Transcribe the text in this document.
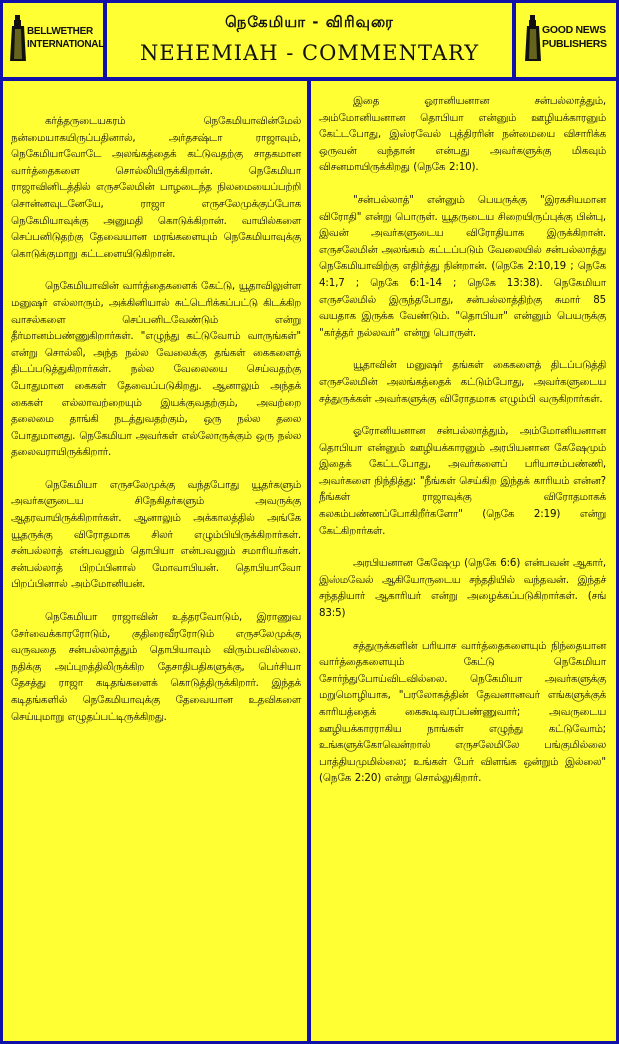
BELLWETHER
INTERNATIONAL
நெகேமியா - விரிவுரை
NEHEMIAH - COMMENTARY
GOOD NEWS
PUBLISHERS

கர்த்தருடையகரம் நெகேமியாவின்மேல் நன்மையாகயிருப்பதினால், அர்தசஷ்டா ராஜாவும், நெகேமியாவோடே அலங்கத்தைக் கட்டுவதற்கு சாதகமான வார்த்தைகளை சொல்லியிருக்கிறான். நெகேமியா ராஜாவினிடத்தில் எருசலேமின் பாழடைந்த நிலமையைப்பற்றி சொன்னவுடனேயே, ராஜா எருசலேமுக்குப்போக நெகேமியாவுக்கு அனுமதி கொடுக்கிறான். வாயில்களை செப்பனிடுதற்கு தேவையான மரங்களையும் நெகேமியாவுக்கு கொடுக்குமாறு கட்டளையிடுகிறான்.

நெகேமியாவின் வார்த்தைகளைக் கேட்டு, யூதாவிலுள்ள மனுஷர் எல்லாரும், அக்கினியால் சுட்டெரிக்கப்பட்டு கிடக்கிற வாசல்களை செப்பனிடவேண்டும் என்று தீர்மானம்பண்ணுகிறார்கள். "எழுந்து கட்டுவோம் வாருங்கள்" என்று சொல்லி, அந்த நல்ல வேலைக்கு தங்கள் கைகளைத் திடப்படுத்துகிறார்கள். நல்ல வேலையை செய்வதற்கு போதுமான கைகள் தேவைப்படுகிறது. ஆனாலும் அந்தக் கைகள் எல்லாவற்றையும் இயக்குவதற்கும், அவற்றை தலைமை தாங்கி நடத்துவதற்கும், ஒரு நல்ல தலை போதுமானது. நெகேமியா அவர்கள் எல்லோருக்கும் ஒரு நல்ல தலைவராயிருக்கிறார்.

நெகேமியா எருசலேமுக்கு வந்தபோது யூதர்களும் அவர்களுடைய சிநேகிதர்களும் அவருக்கு ஆதரவாயிருக்கிறார்கள். ஆனாலும் அக்காலத்தில் அங்கே யூதருக்கு விரோதமாக சிலர் எழும்பியிருக்கிறார்கள். சன்பல்லாத் என்பவனும் தொபியா என்பவனும் சமாரியர்கள். சன்பல்லாத் பிறப்பினால் மோவாபியன். தொபியாவோ பிறப்பினால் அம்மோனியன்.

நெகேமியா ராஜாவின் உத்தரவோடும், இராணுவ சேர்வைக்காரரோடும், குதிரைவீரரோடும் எருசலேமுக்கு வருவதை சன்பல்லாத்தும் தொபியாவும் விரும்பவில்லை. நதிக்கு அப்புறத்திலிருக்கிற தேசாதிபதிகளுக்கு, பெர்சியா தேசத்து ராஜா கடிதங்களைக் கொடுத்திருக்கிறார். இந்தக் கடிதங்களில் நெகேமியாவுக்கு தேவையான உதவிகளை செய்யுமாறு எழுதப்பட்டிருக்கிறது.

இதை ஓரானியனான சன்பல்லாத்தும், அம்மோனியனான தொபியா என்னும் ஊழியக்காரனும் கேட்டபோது, இஸ்ரவேல் புத்திரரின் நன்மையை விசாரிக்க ஒருவன் வந்தான் என்பது அவர்களுக்கு மிகவும் விசனமாயிருக்கிறது (நெகே 2:10).

"சன்பல்லாத்" என்னும் பெயருக்கு "இரகசியமான விரோதி" என்று பொருள். யூதருடைய சிறையிருப்புக்கு பின்பு, இவன் அவர்களுடைய விரோதியாக இருக்கிறான். எருசலேமின் அலங்கம் கட்டப்படும் வேலையில் சன்பல்லாத்து நெகேமியாவிற்கு எதிர்த்து நின்றான். (நெகே 2:10,19 ; நெகே 4:1,7 ; நெகே 6:1-14 ; நெகே 13:38). நெகேமியா எருசலேமில் இருந்தபோது, சன்பல்லாத்திற்கு சுமார் 85 வயதாக இருக்க வேண்டும். "தொபியா" என்னும் பெயருக்கு "கர்த்தர் நல்லவர்" என்று பொருள்.

யூதாவின் மனுஷர் தங்கள் கைகளைத் திடப்படுத்தி எருசலேமின் அலங்கத்தைக் கட்டும்போது, அவர்களுடைய சத்துருக்கள் அவர்களுக்கு விரோதமாக எழும்பி வருகிறார்கள்.

ஓரோனியனான சன்பல்லாத்தும், அம்மோனியனான தொபியா என்னும் ஊழியக்காரனும் அரபியனான கேஷேமும் இதைக் கேட்டபோது, அவர்களைப் பரியாசம்பண்ணி, அவர்களை நிந்தித்து: "நீங்கள் செய்கிற இந்தக் காரியம் என்ன? நீங்கள் ராஜாவுக்கு விரோதமாகக் கலகம்பண்ணப்போகிறீர்களோ" (நெகே 2:19) என்று கேட்கிறார்கள்.

அரபியனான கேஷேமு (நெகே 6:6) என்பவன் ஆகார், இஸ்மவேல் ஆகியோருடைய சந்ததியில் வந்தவன். இந்தச் சந்ததியார் ஆகாரியர் என்று அழைக்கப்படுகிறார்கள். (சங் 83:5)

சத்துருக்களின் பரியாச வார்த்தைகளையும் நிந்தையான வார்த்தைகளையும் கேட்டு நெகேமியா சோர்ந்துபோய்விடவில்லை. நெகேமியா அவர்களுக்கு மறுமொழியாக, "பரலோகத்தின் தேவனானவர் எங்களுக்குக் காரியத்தைக் கைகூடிவரப்பண்ணுவார்; அவருடைய ஊழியக்காரராகிய நாங்கள் எழுந்து கட்டுவோம்; உங்களுக்கோவென்றால் எருசலேமிலே பங்குமில்லை பாத்தியமுமில்லை; உங்கள் பேர் விளங்க ஒன்றும் இல்லை" (நெகே 2:20) என்று சொல்லுகிறார்.
